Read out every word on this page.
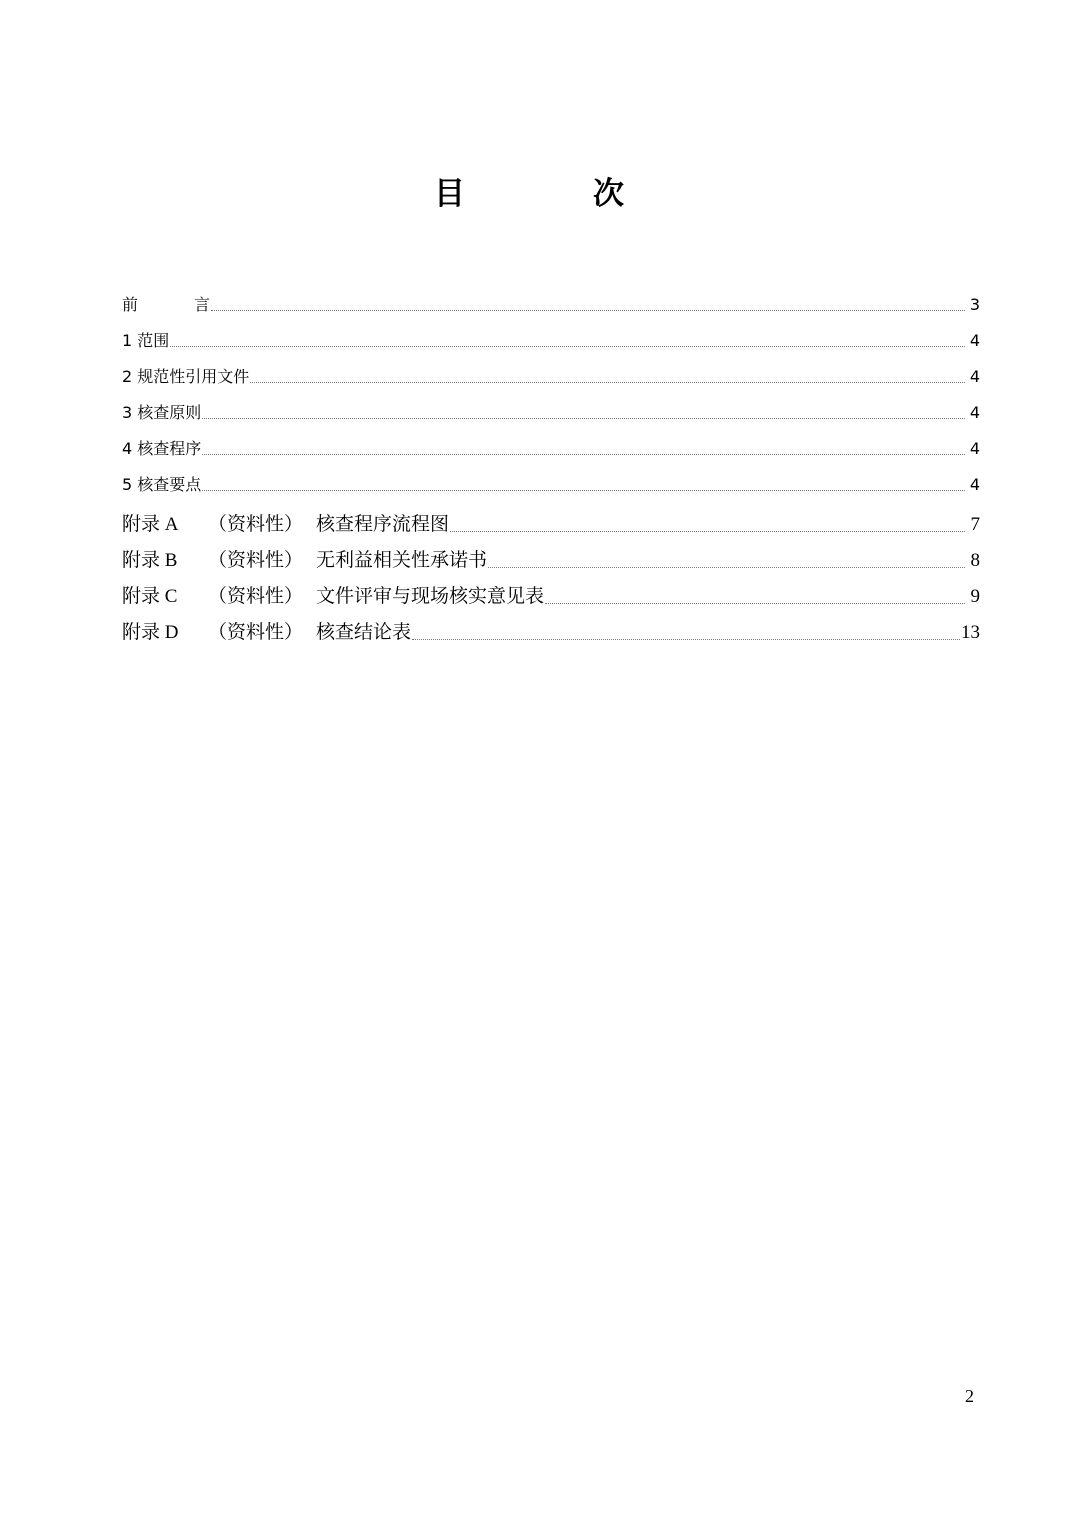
目　　次
前	言	3
1 范围	4
2 规范性引用文件	4
3 核查原则	4
4 核查程序	4
5 核查要点	4
附录 A （资料性） 核查程序流程图	7
附录 B （资料性） 无利益相关性承诺书	8
附录 C （资料性） 文件评审与现场核实意见表	9
附录 D （资料性） 核查结论表	13
2
